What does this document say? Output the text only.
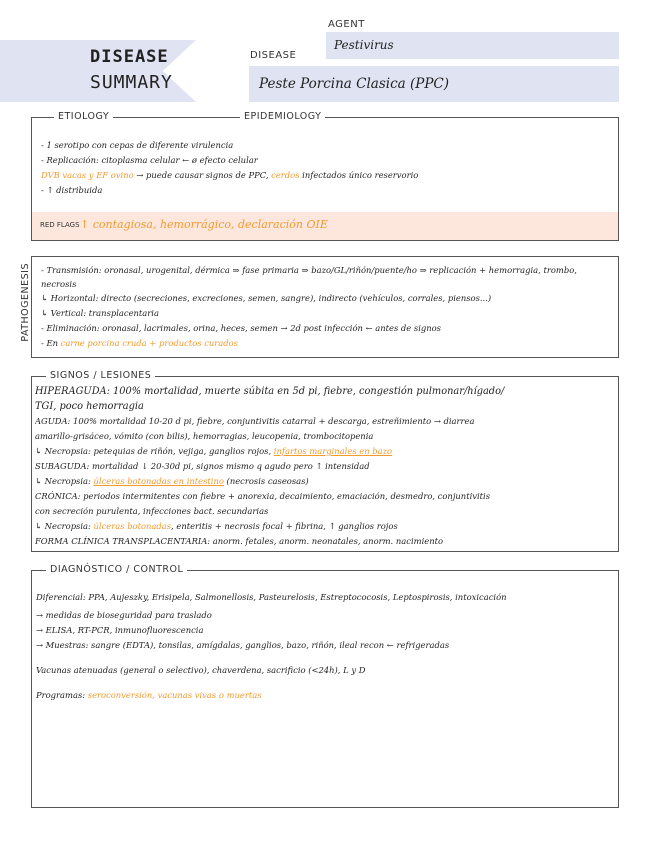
DISEASE
SUMMARY
AGENT
Pestivirus
DISEASE
Peste Porcina Clasica (PPC)
ETIOLOGY	EPIDEMIOLOGY
- 1 serotipo con cepas de diferente virulencia
- Replicación: citoplasma celular ← ø efecto celular
DVB vacas y EF ovino → puede causar signos de PPC, cerdos infectados único reservorio
- ↑ distribuida
RED FLAGS ↑ contagiosa, hemorrágico, declaración OIE
PATHOGENESIS - Transmisión: oronasal, urogenital, dérmica ⇒ fase primaria ⇒ bazo/GL/riñón/puente/ho ⇒ replicación + hemorragia, trombo, necrosis
↳ Horizontal: directo (secreciones, excreciones, semen, sangre), indirecto (vehículos, corrales, piensos...)
↳ Vertical: transplacentaria
- Eliminación: oronasal, lacrimales, orina, heces, semen → 2d post infección ← antes de signos
- En carne porcina cruda + productos curados
SIGNOS / LESIONES
HIPERAGUDA: 100% mortalidad, muerte súbita en 5d pi, fiebre, congestión pulmonar/hígado/
TGI, poco hemorragia
AGUDA: 100% mortalidad 10-20 d pi, fiebre, conjuntivitis catarral + descarga, estreñimiento → diarrea
amarillo-grisáceo, vómito (con bilis), hemorragias, leucopenia, trombocitopenia
↳ Necropsia: petequias de riñón, vejiga, ganglios rojos, infartos marginales en bazo
SUBAGUDA: mortalidad ↓ 20-30d pi, signos mismo q agudo pero ↑ intensidad
↳ Necropsia: úlceras botonadas en intestino (necrosis caseosas)
CRÓNICA: periodos intermitentes con fiebre + anorexia, decaimiento, emaciación, desmedro, conjuntivitis
con secreción purulenta, infecciones bact. secundarias
↳ Necropsia: úlceras botonadas, enteritis + necrosis focal + fibrina, ↑ ganglios rojos
FORMA CLÍNICA TRANSPLACENTARIA: anorm. fetales, anorm. neonatales, anorm. nacimiento
DIAGNÓSTICO / CONTROL
Diferencial: PPA, Aujeszky, Erisipela, Salmonellosis, Pasteurelosis, Estreptococosis, Leptospirosis, intoxicación
→ medidas de bioseguridad para traslado
→ ELISA, RT-PCR, inmunofluorescencia
→ Muestras: sangre (EDTA), tonsilas, amígdalas, ganglios, bazo, riñón, ileal recon ← refrigeradas
Vacunas atenuadas (general o selectivo), chaverdena, sacrificio (<24h), L y D
Programas: seroconversión, vacunas vivas o muertas
